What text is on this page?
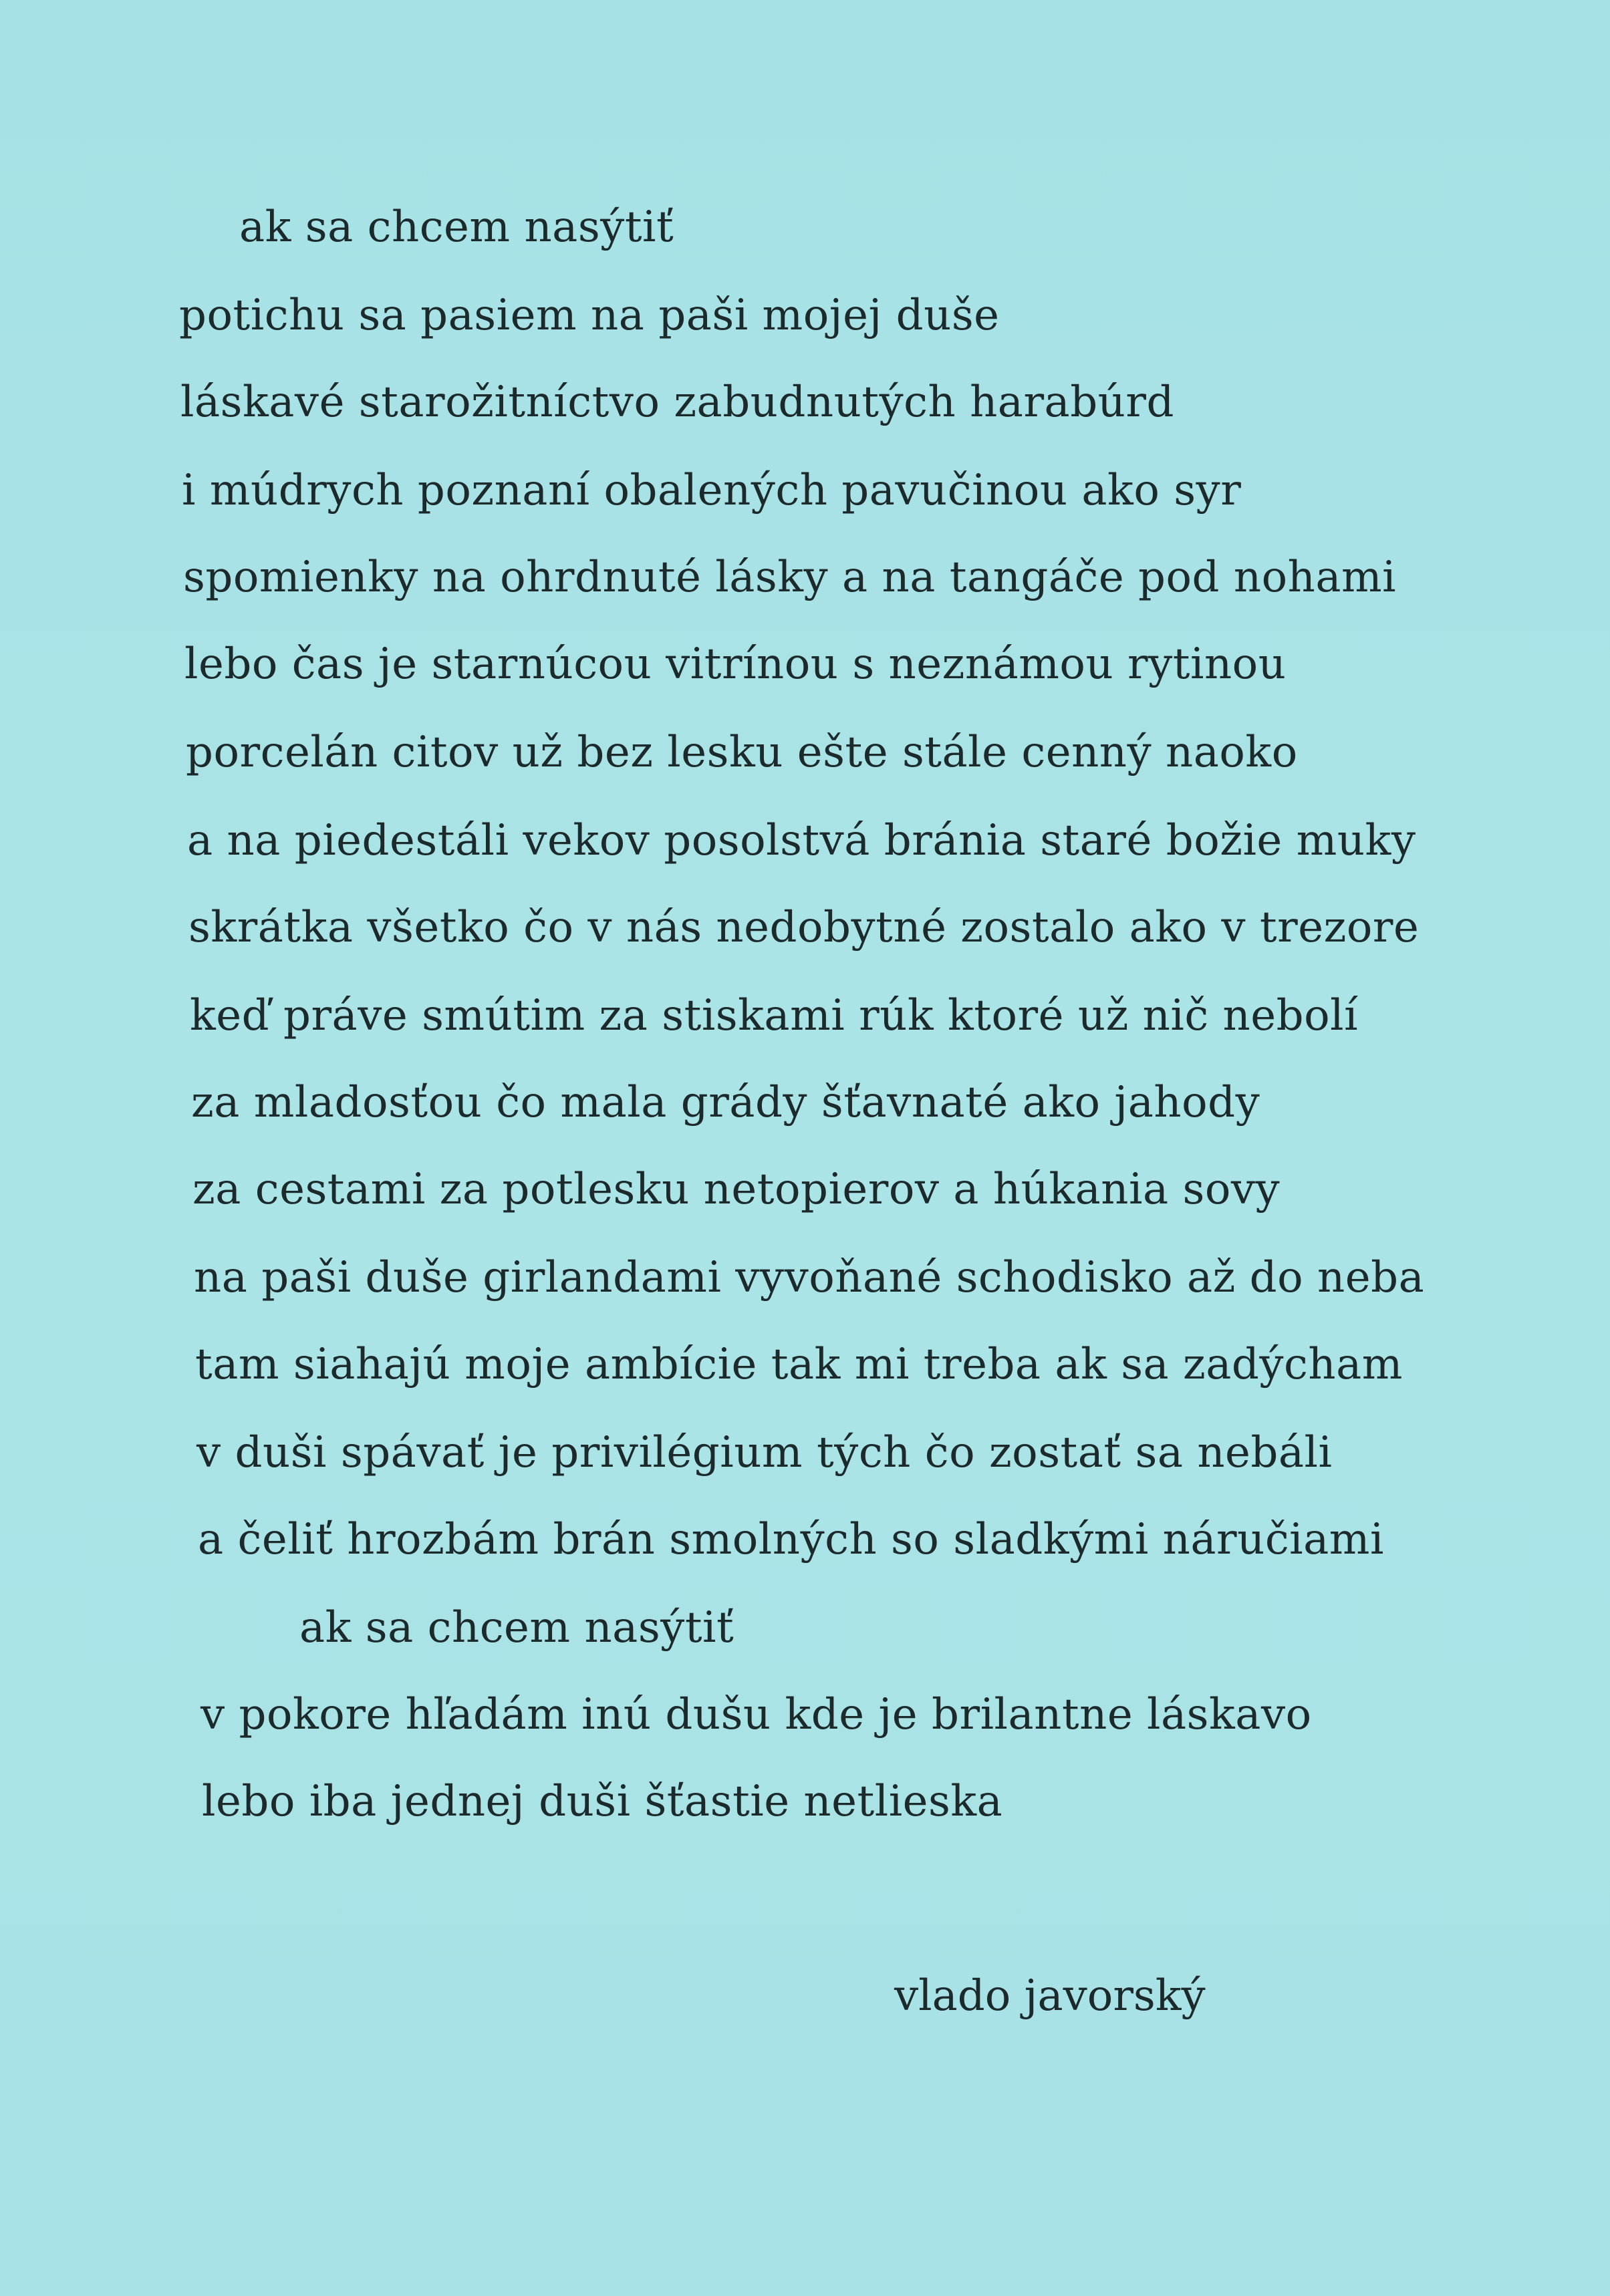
ak sa chcem nasýtiť
potichu sa pasiem na paši mojej duše
láskavé starožitníctvo zabudnutých harabúrd
i múdrych poznaní obalených pavučinou ako syr
spomienky na ohrdnuté lásky a na tangáče pod nohami
lebo čas je starnúcou vitrínou s neznámou rytinou
porcelán citov už bez lesku ešte stále cenný naoko
a na piedestáli vekov posolstvá bránia staré božie muky
skrátka všetko čo v nás nedobytné zostalo ako v trezore
keď práve smútim za stiskami rúk ktoré už nič nebolí
za mladosťou čo mala grády šťavnaté ako jahody
za cestami za potlesku netopierov a húkania sovy
na paši duše girlandami vyvoňané schodisko až do neba
tam siahajú moje ambície tak mi treba ak sa zadýcham
v duši spávať je privilégium tých čo zostať sa nebáli
a čeliť hrozbám brán smolných so sladkými náručiami
ak sa chcem nasýtiť
v pokore hľadám inú dušu kde je brilantne láskavo
lebo iba jednej duši šťastie netlieska
vlado javorský
